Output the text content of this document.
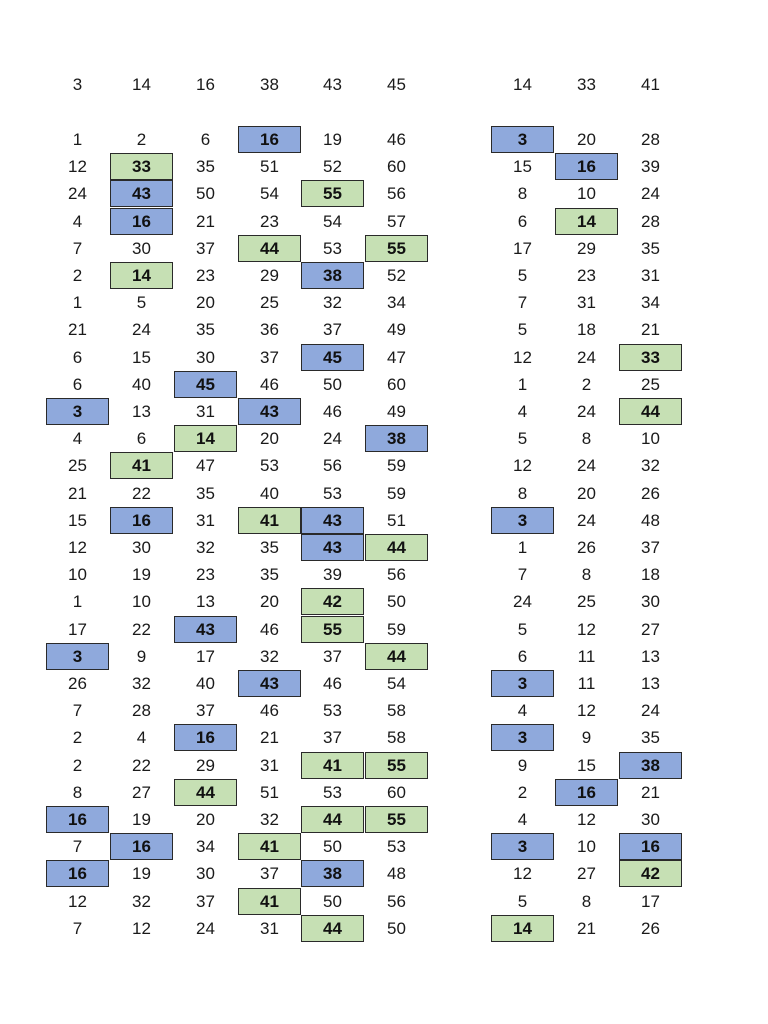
3	14	16	38	43	45	14	33	41
1	2	6	16	19	46	3	20	28
12	33	35	51	52	60	15	16	39
24	43	50	54	55	56	8	10	24
4	16	21	23	54	57	6	14	28
7	30	37	44	53	55	17	29	35
2	14	23	29	38	52	5	23	31
1	5	20	25	32	34	7	31	34
21	24	35	36	37	49	5	18	21
6	15	30	37	45	47	12	24	33
6	40	45	46	50	60	1	2	25
3	13	31	43	46	49	4	24	44
4	6	14	20	24	38	5	8	10
25	41	47	53	56	59	12	24	32
21	22	35	40	53	59	8	20	26
15	16	31	41	43	51	3	24	48
12	30	32	35	43	44	1	26	37
10	19	23	35	39	56	7	8	18
1	10	13	20	42	50	24	25	30
17	22	43	46	55	59	5	12	27
3	9	17	32	37	44	6	11	13
26	32	40	43	46	54	3	11	13
7	28	37	46	53	58	4	12	24
2	4	16	21	37	58	3	9	35
2	22	29	31	41	55	9	15	38
8	27	44	51	53	60	2	16	21
16	19	20	32	44	55	4	12	30
7	16	34	41	50	53	3	10	16
16	19	30	37	38	48	12	27	42
12	32	37	41	50	56	5	8	17
7	12	24	31	44	50	14	21	26
